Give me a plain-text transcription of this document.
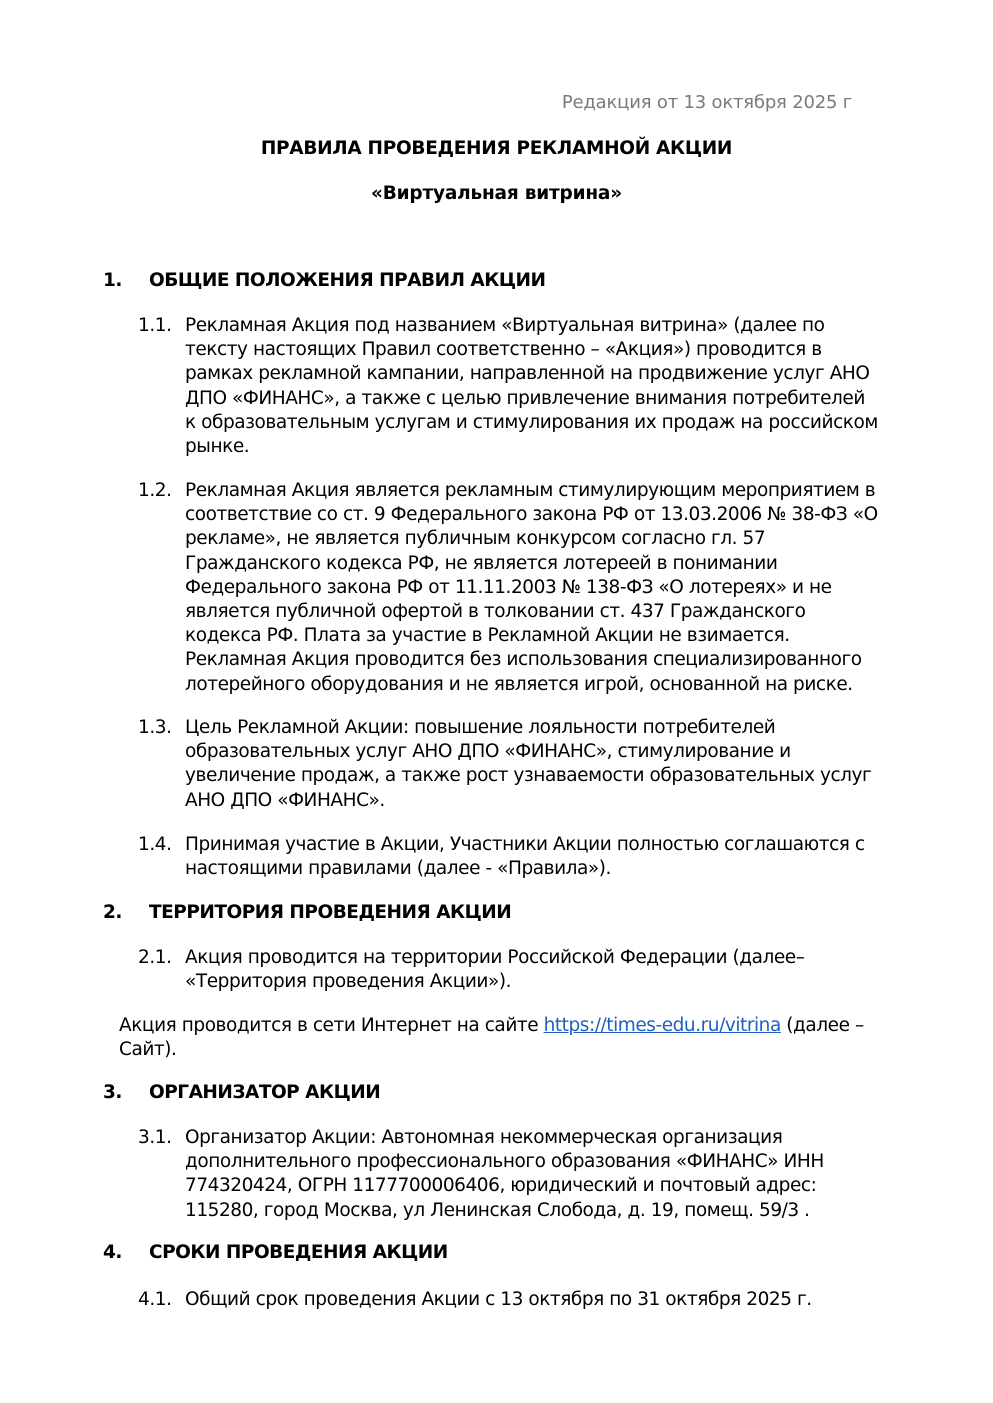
Редакция от 13 октября 2025 г
ПРАВИЛА ПРОВЕДЕНИЯ РЕКЛАМНОЙ АКЦИИ
«Виртуальная витрина»
1. ОБЩИЕ ПОЛОЖЕНИЯ ПРАВИЛ АКЦИИ
1.1. Рекламная Акция под названием «Виртуальная витрина» (далее по тексту настоящих Правил соответственно – «Акция») проводится в рамках рекламной кампании, направленной на продвижение услуг АНО ДПО «ФИНАНС», а также с целью привлечение внимания потребителей к образовательным услугам и стимулирования их продаж на российском рынке.
1.2. Рекламная Акция является рекламным стимулирующим мероприятием в соответствие со ст. 9 Федерального закона РФ от 13.03.2006 № 38-ФЗ «О рекламе», не является публичным конкурсом согласно гл. 57 Гражданского кодекса РФ, не является лотереей в понимании Федерального закона РФ от 11.11.2003 № 138-ФЗ «О лотереях» и не является публичной офертой в толковании ст. 437 Гражданского кодекса РФ. Плата за участие в Рекламной Акции не взимается. Рекламная Акция проводится без использования специализированного лотерейного оборудования и не является игрой, основанной на риске.
1.3. Цель Рекламной Акции: повышение лояльности потребителей образовательных услуг АНО ДПО «ФИНАНС», стимулирование и увеличение продаж, а также рост узнаваемости образовательных услуг АНО ДПО «ФИНАНС».
1.4. Принимая участие в Акции, Участники Акции полностью соглашаются с настоящими правилами (далее - «Правила»).
2. ТЕРРИТОРИЯ ПРОВЕДЕНИЯ АКЦИИ
2.1. Акция проводится на территории Российской Федерации (далее– «Территория проведения Акции»).
Акция проводится в сети Интернет на сайте https://times-edu.ru/vitrina (далее – Сайт).
3. ОРГАНИЗАТОР АКЦИИ
3.1. Организатор Акции: Автономная некоммерческая организация дополнительного профессионального образования «ФИНАНС» ИНН 774320424, ОГРН 1177700006406, юридический и почтовый адрес: 115280, город Москва, ул Ленинская Слобода, д. 19, помещ. 59/3 .
4. СРОКИ ПРОВЕДЕНИЯ АКЦИИ
4.1. Общий срок проведения Акции с 13 октября по 31 октября 2025 г.
